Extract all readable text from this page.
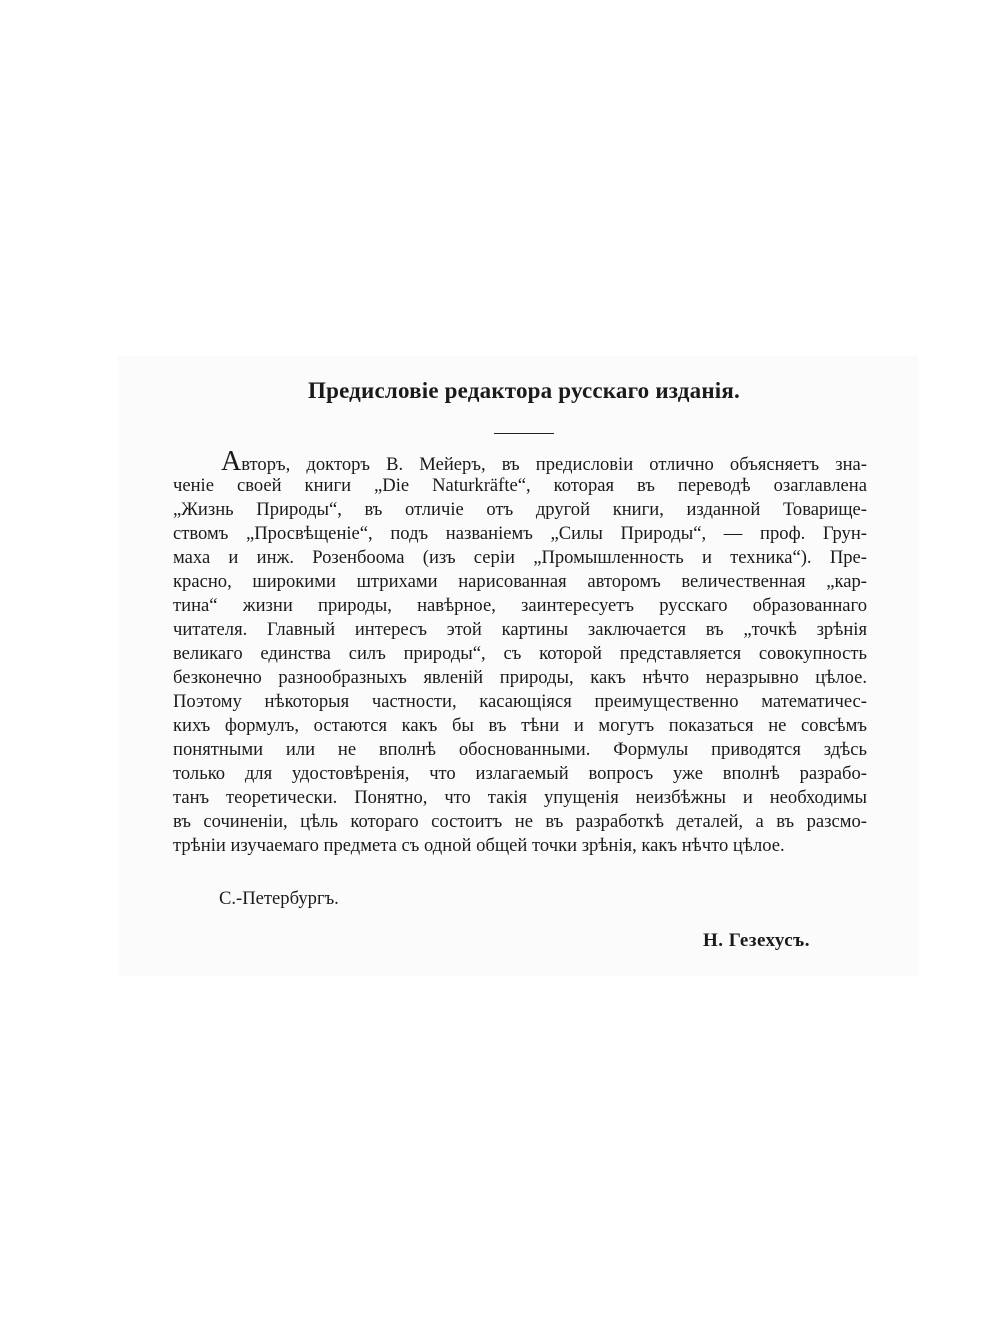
Предисловіе редактора русскаго изданія.
Авторъ, докторъ В. Мейеръ, въ предисловіи отлично объясняетъ зна-
ченіе своей книги „Die Naturkräfte“, которая въ переводѣ озаглавлена
„Жизнь Природы“, въ отличіе отъ другой книги, изданной Товарище-
ствомъ „Просвѣщеніе“, подъ названіемъ „Силы Природы“, — проф. Грун-
маха и инж. Розенбоома (изъ серіи „Промышленность и техника“). Пре-
красно, широкими штрихами нарисованная авторомъ величественная „кар-
тина“ жизни природы, навѣрное, заинтересуетъ русскаго образованнаго
читателя. Главный интересъ этой картины заключается въ „точкѣ зрѣнія
великаго единства силъ природы“, съ которой представляется совокупность
безконечно разнообразныхъ явленій природы, какъ нѣчто неразрывно цѣлое.
Поэтому нѣкоторыя частности, касающіяся преимущественно математичес-
кихъ формулъ, остаются какъ бы въ тѣни и могутъ показаться не совсѣмъ
понятными или не вполнѣ обоснованными. Формулы приводятся здѣсь
только для удостовѣренія, что излагаемый вопросъ уже вполнѣ разрабо-
танъ теоретически. Понятно, что такія упущенія неизбѣжны и необходимы
въ сочиненіи, цѣль котораго состоитъ не въ разработкѣ деталей, а въ разсмо-
трѣніи изучаемаго предмета съ одной общей точки зрѣнія, какъ нѣчто цѣлое.

С.-Петербургъ.

Н. Гезехусъ.
